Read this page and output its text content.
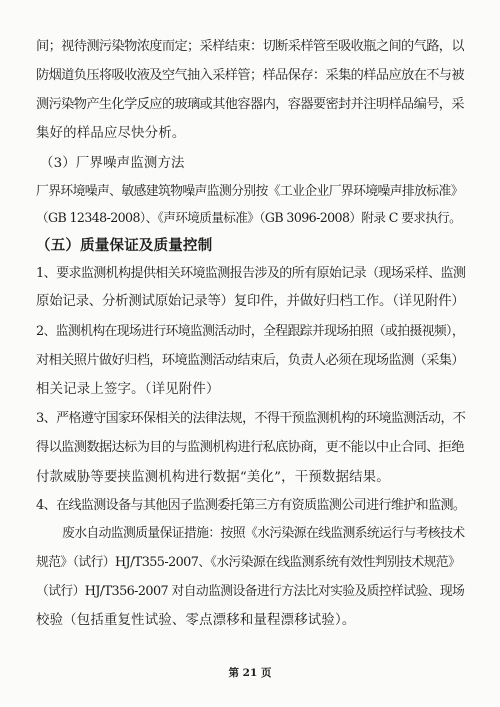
间；视待测污染物浓度而定；采样结束：切断采样管至吸收瓶之间的气路，以
防烟道负压将吸收液及空气抽入采样管；样品保存：采集的样品应放在不与被
测污染物产生化学反应的玻璃或其他容器内，容器要密封并注明样品编号，采
集好的样品应尽快分析。
（3）厂界噪声监测方法
厂界环境噪声、敏感建筑物噪声监测分别按《工业企业厂界环境噪声排放标准》
（GB 12348-2008）、《声环境质量标准》（GB 3096-2008）附录 C 要求执行。
（五）质量保证及质量控制
1、要求监测机构提供相关环境监测报告涉及的所有原始记录（现场采样、监测
原始记录、分析测试原始记录等）复印件，并做好归档工作。（详见附件）
2、监测机构在现场进行环境监测活动时，全程跟踪并现场拍照（或拍摄视频），
对相关照片做好归档，环境监测活动结束后，负责人必须在现场监测（采集）
相关记录上签字。（详见附件）
3、严格遵守国家环保相关的法律法规，不得干预监测机构的环境监测活动，不
得以监测数据达标为目的与监测机构进行私底协商，更不能以中止合同、拒绝
付款威胁等要挟监测机构进行数据“美化”，干预数据结果。
4、在线监测设备与其他因子监测委托第三方有资质监测公司进行维护和监测。
废水自动监测质量保证措施：按照《水污染源在线监测系统运行与考核技术
规范》（试行）HJ/T355-2007、《水污染源在线监测系统有效性判别技术规范》
（试行）HJ/T356-2007 对自动监测设备进行方法比对实验及质控样试验、现场
校验（包括重复性试验、零点漂移和量程漂移试验）。
第 21 页
